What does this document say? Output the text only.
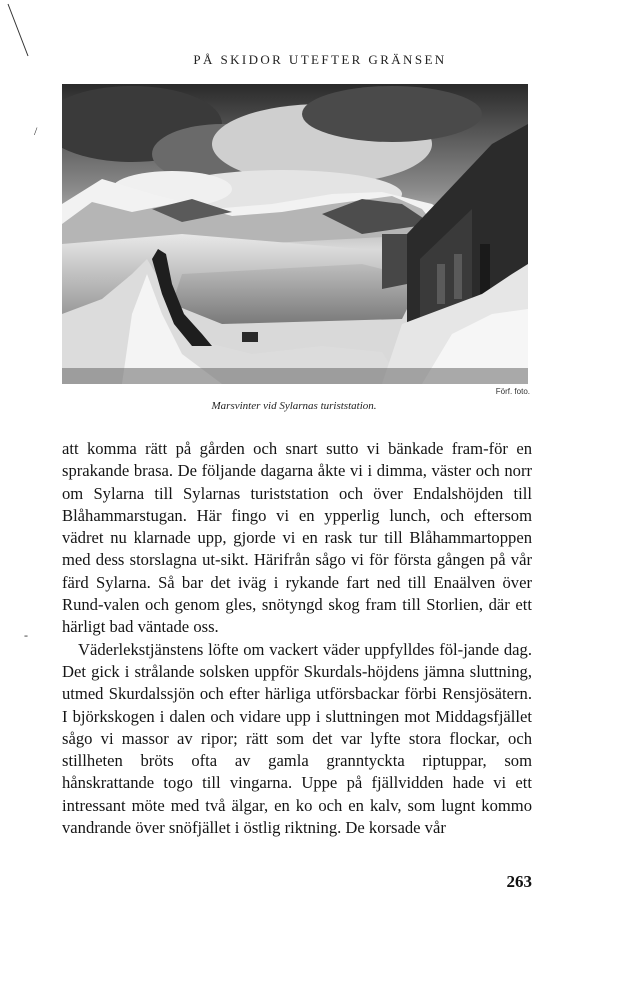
/
-
PÅ SKIDOR UTEFTER GRÄNSEN
Förf. foto.
Marsvinter vid Sylarnas turiststation.

att komma rätt på gården och snart sutto vi bänkade fram-för en sprakande brasa. De följande dagarna åkte vi i dimma, väster och norr om Sylarna till Sylarnas turiststation och över Endalshöjden till Blåhammarstugan. Här fingo vi en ypperlig lunch, och eftersom vädret nu klarnade upp, gjorde vi en rask tur till Blåhammartoppen med dess storslagna ut-sikt. Härifrån sågo vi för första gången på vår färd Sylarna. Så bar det iväg i rykande fart ned till Enaälven över Rund-valen och genom gles, snötyngd skog fram till Storlien, där ett härligt bad väntade oss.

Väderlekstjänstens löfte om vackert väder uppfylldes föl-jande dag. Det gick i strålande solsken uppför Skurdals-höjdens jämna sluttning, utmed Skurdalssjön och efter härliga utförsbackar förbi Rensjösätern. I björkskogen i dalen och vidare upp i sluttningen mot Middagsfjället sågo vi massor av ripor; rätt som det var lyfte stora flockar, och stillheten bröts ofta av gamla granntyckta riptuppar, som hånskrattande togo till vingarna. Uppe på fjällvidden hade vi ett intressant möte med två älgar, en ko och en kalv, som lugnt kommo vandrande över snöfjället i östlig riktning. De korsade vår

263
